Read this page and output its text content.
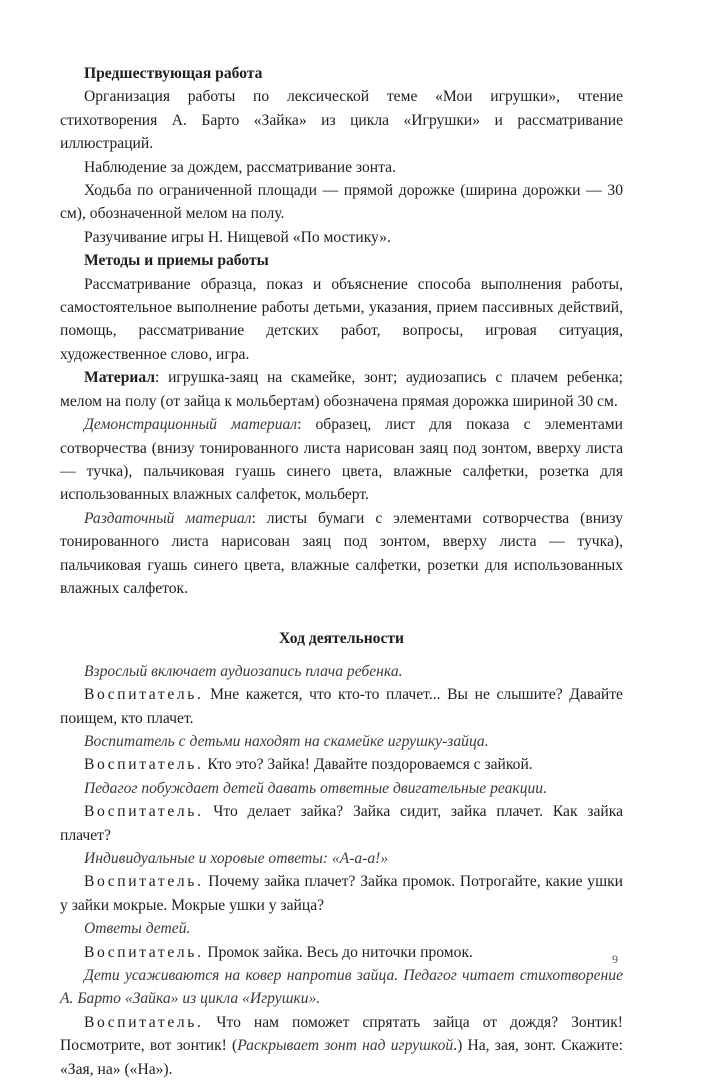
Предшествующая работа

Организация работы по лексической теме «Мои игрушки», чтение стихотворения А. Барто «Зайка» из цикла «Игрушки» и рассматривание иллюстраций.

Наблюдение за дождем, рассматривание зонта.

Ходьба по ограниченной площади — прямой дорожке (ширина дорожки — 30 см), обозначенной мелом на полу.

Разучивание игры Н. Нищевой «По мостику».

Методы и приемы работы

Рассматривание образца, показ и объяснение способа выполнения работы, самостоятельное выполнение работы детьми, указания, прием пассивных действий, помощь, рассматривание детских работ, вопросы, игровая ситуация, художественное слово, игра.

Материал: игрушка-заяц на скамейке, зонт; аудиозапись с плачем ребенка; мелом на полу (от зайца к мольбертам) обозначена прямая дорожка шириной 30 см.

Демонстрационный материал: образец, лист для показа с элементами сотворчества (внизу тонированного листа нарисован заяц под зонтом, вверху листа — тучка), пальчиковая гуашь синего цвета, влажные салфетки, розетка для использованных влажных салфеток, мольберт.

Раздаточный материал: листы бумаги с элементами сотворчества (внизу тонированного листа нарисован заяц под зонтом, вверху листа — тучка), пальчиковая гуашь синего цвета, влажные салфетки, розетки для использованных влажных салфеток.

Ход деятельности

Взрослый включает аудиозапись плача ребенка.

Воспитатель. Мне кажется, что кто-то плачет... Вы не слышите? Давайте поищем, кто плачет.

Воспитатель с детьми находят на скамейке игрушку-зайца.

Воспитатель. Кто это? Зайка! Давайте поздороваемся с зайкой.

Педагог побуждает детей давать ответные двигательные реакции.

Воспитатель. Что делает зайка? Зайка сидит, зайка плачет. Как зайка плачет?

Индивидуальные и хоровые ответы: «А-а-а!»

Воспитатель. Почему зайка плачет? Зайка промок. Потрогайте, какие ушки у зайки мокрые. Мокрые ушки у зайца?

Ответы детей.

Воспитатель. Промок зайка. Весь до ниточки промок.

Дети усаживаются на ковер напротив зайца. Педагог читает стихотворение А. Барто «Зайка» из цикла «Игрушки».

Воспитатель. Что нам поможет спрятать зайца от дождя? Зонтик! Посмотрите, вот зонтик! (Раскрывает зонт над игрушкой.) На, зая, зонт. Скажите: «Зая, на» («На»).

9
